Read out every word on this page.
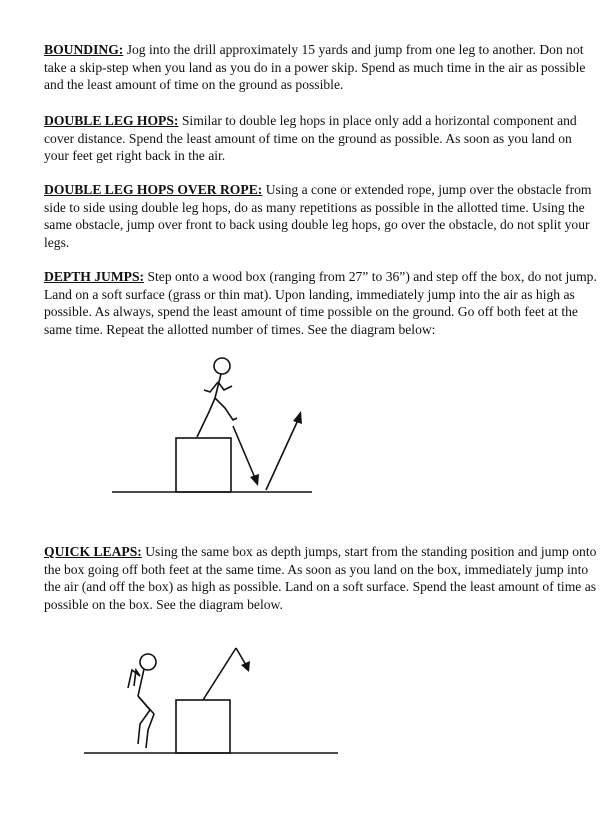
BOUNDING: Jog into the drill approximately 15 yards and jump from one leg to another. Don not take a skip-step when you land as you do in a power skip. Spend as much time in the air as possible and the least amount of time on the ground as possible.

DOUBLE LEG HOPS: Similar to double leg hops in place only add a horizontal component and cover distance. Spend the least amount of time on the ground as possible. As soon as you land on your feet get right back in the air.

DOUBLE LEG HOPS OVER ROPE: Using a cone or extended rope, jump over the obstacle from side to side using double leg hops, do as many repetitions as possible in the allotted time. Using the same obstacle, jump over front to back using double leg hops, go over the obstacle, do not split your legs.

DEPTH JUMPS: Step onto a wood box (ranging from 27” to 36”) and step off the box, do not jump. Land on a soft surface (grass or thin mat). Upon landing, immediately jump into the air as high as possible. As always, spend the least amount of time possible on the ground. Go off both feet at the same time. Repeat the allotted number of times. See the diagram below:

QUICK LEAPS: Using the same box as depth jumps, start from the standing position and jump onto the box going off both feet at the same time. As soon as you land on the box, immediately jump into the air (and off the box) as high as possible. Land on a soft surface. Spend the least amount of time as possible on the box. See the diagram below.
